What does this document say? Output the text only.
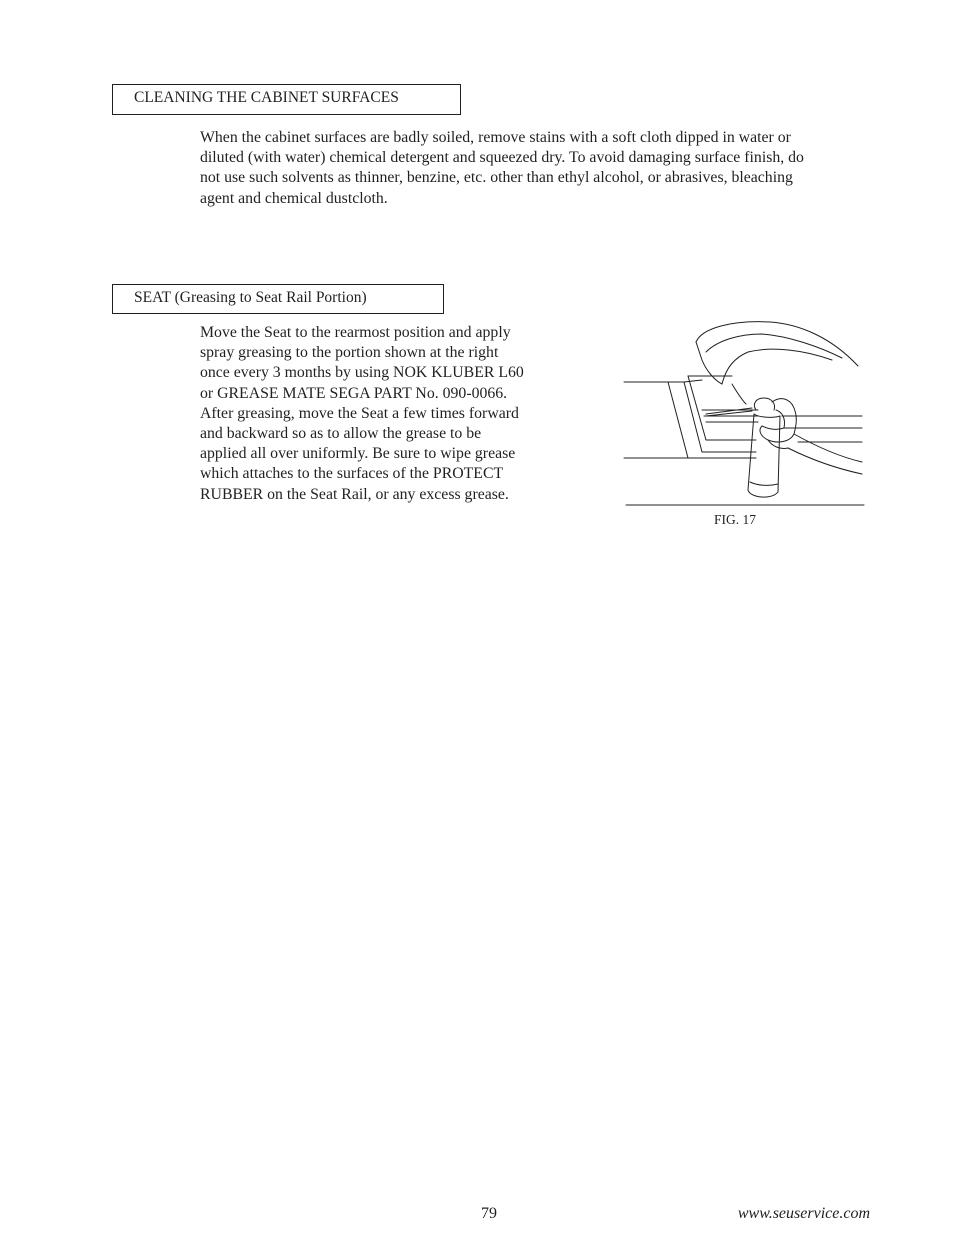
CLEANING THE CABINET SURFACES

When the cabinet surfaces are badly soiled, remove stains with a soft cloth dipped in water or
diluted (with water) chemical detergent and squeezed dry. To avoid damaging surface finish, do
not use such solvents as thinner, benzine, etc. other than ethyl alcohol, or abrasives, bleaching
agent and chemical dustcloth.

SEAT (Greasing to Seat Rail Portion)

Move the Seat to the rearmost position and apply
spray greasing to the portion shown at the right
once every 3 months by using NOK KLUBER L60
or GREASE MATE SEGA PART No. 090-0066.
After greasing, move the Seat a few times forward
and backward so as to allow the grease to be
applied all over uniformly. Be sure to wipe grease
which attaches to the surfaces of the PROTECT
RUBBER on the Seat Rail, or any excess grease.

FIG. 17
79	www.seuservice.com
